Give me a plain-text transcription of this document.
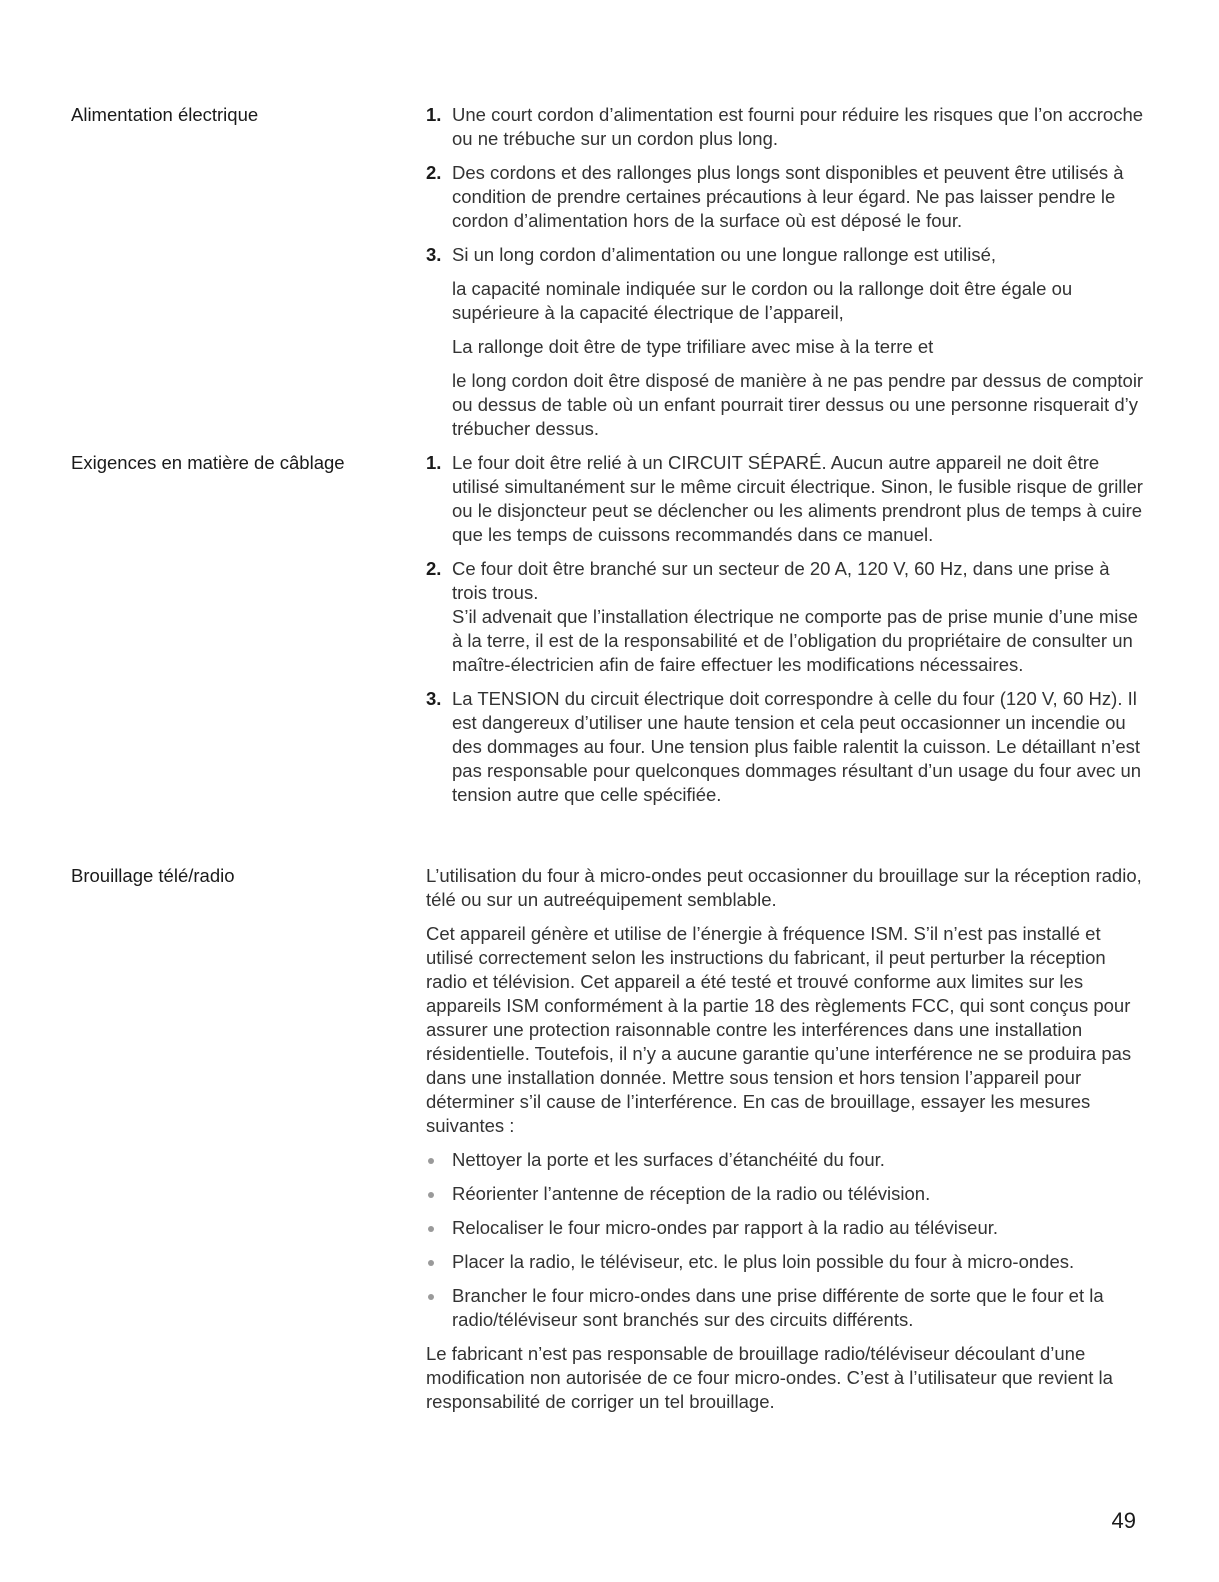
Alimentation électrique	1. Une court cordon d’alimentation est fourni pour réduire les risques que l’on accroche ou ne trébuche sur un cordon plus long.
2. Des cordons et des rallonges plus longs sont disponibles et peuvent être utilisés à condition de prendre certaines précautions à leur égard. Ne pas laisser pendre le cordon d’alimentation hors de la surface où est déposé le four.
3. Si un long cordon d’alimentation ou une longue rallonge est utilisé,
la capacité nominale indiquée sur le cordon ou la rallonge doit être égale ou supérieure à la capacité électrique de l’appareil,
La rallonge doit être de type trifiliare avec mise à la terre et
le long cordon doit être disposé de manière à ne pas pendre par dessus de comptoir ou dessus de table où un enfant pourrait tirer dessus ou une personne risquerait d’y trébucher dessus.
Exigences en matière de câblage	1. Le four doit être relié à un CIRCUIT SÉPARÉ. Aucun autre appareil ne doit être utilisé simultanément sur le même circuit électrique. Sinon, le fusible risque de griller ou le disjoncteur peut se déclencher ou les aliments prendront plus de temps à cuire que les temps de cuissons recommandés dans ce manuel.
2. Ce four doit être branché sur un secteur de 20 A, 120 V, 60 Hz, dans une prise à trois trous.
S’il advenait que l’installation électrique ne comporte pas de prise munie d’une mise à la terre, il est de la responsabilité et de l’obligation du propriétaire de consulter un maître-électricien afin de faire effectuer les modifications nécessaires.
3. La TENSION du circuit électrique doit correspondre à celle du four (120 V, 60 Hz). Il est dangereux d’utiliser une haute tension et cela peut occasionner un incendie ou des dommages au four. Une tension plus faible ralentit la cuisson. Le détaillant n’est pas responsable pour quelconques dommages résultant d’un usage du four avec un tension autre que celle spécifiée.
Brouillage télé/radio	L’utilisation du four à micro-ondes peut occasionner du brouillage sur la réception radio, télé ou sur un autreéquipement semblable.
Cet appareil génère et utilise de l’énergie à fréquence ISM. S’il n’est pas installé et utilisé correctement selon les instructions du fabricant, il peut perturber la réception radio et télévision. Cet appareil a été testé et trouvé conforme aux limites sur les appareils ISM conformément à la partie 18 des règlements FCC, qui sont conçus pour assurer une protection raisonnable contre les interférences dans une installation résidentielle. Toutefois, il n’y a aucune garantie qu’une interférence ne se produira pas dans une installation donnée. Mettre sous tension et hors tension l’appareil pour déterminer s’il cause de l’interférence. En cas de brouillage, essayer les mesures suivantes :
Nettoyer la porte et les surfaces d’étanchéité du four.
Réorienter l’antenne de réception de la radio ou télévision.
Relocaliser le four micro-ondes par rapport à la radio au téléviseur.
Placer la radio, le téléviseur, etc. le plus loin possible du four à micro-ondes.
Brancher le four micro-ondes dans une prise différente de sorte que le four et la radio/téléviseur sont branchés sur des circuits différents.
Le fabricant n’est pas responsable de brouillage radio/téléviseur découlant d’une modification non autorisée de ce four micro-ondes. C’est à l’utilisateur que revient la responsabilité de corriger un tel brouillage.
49
